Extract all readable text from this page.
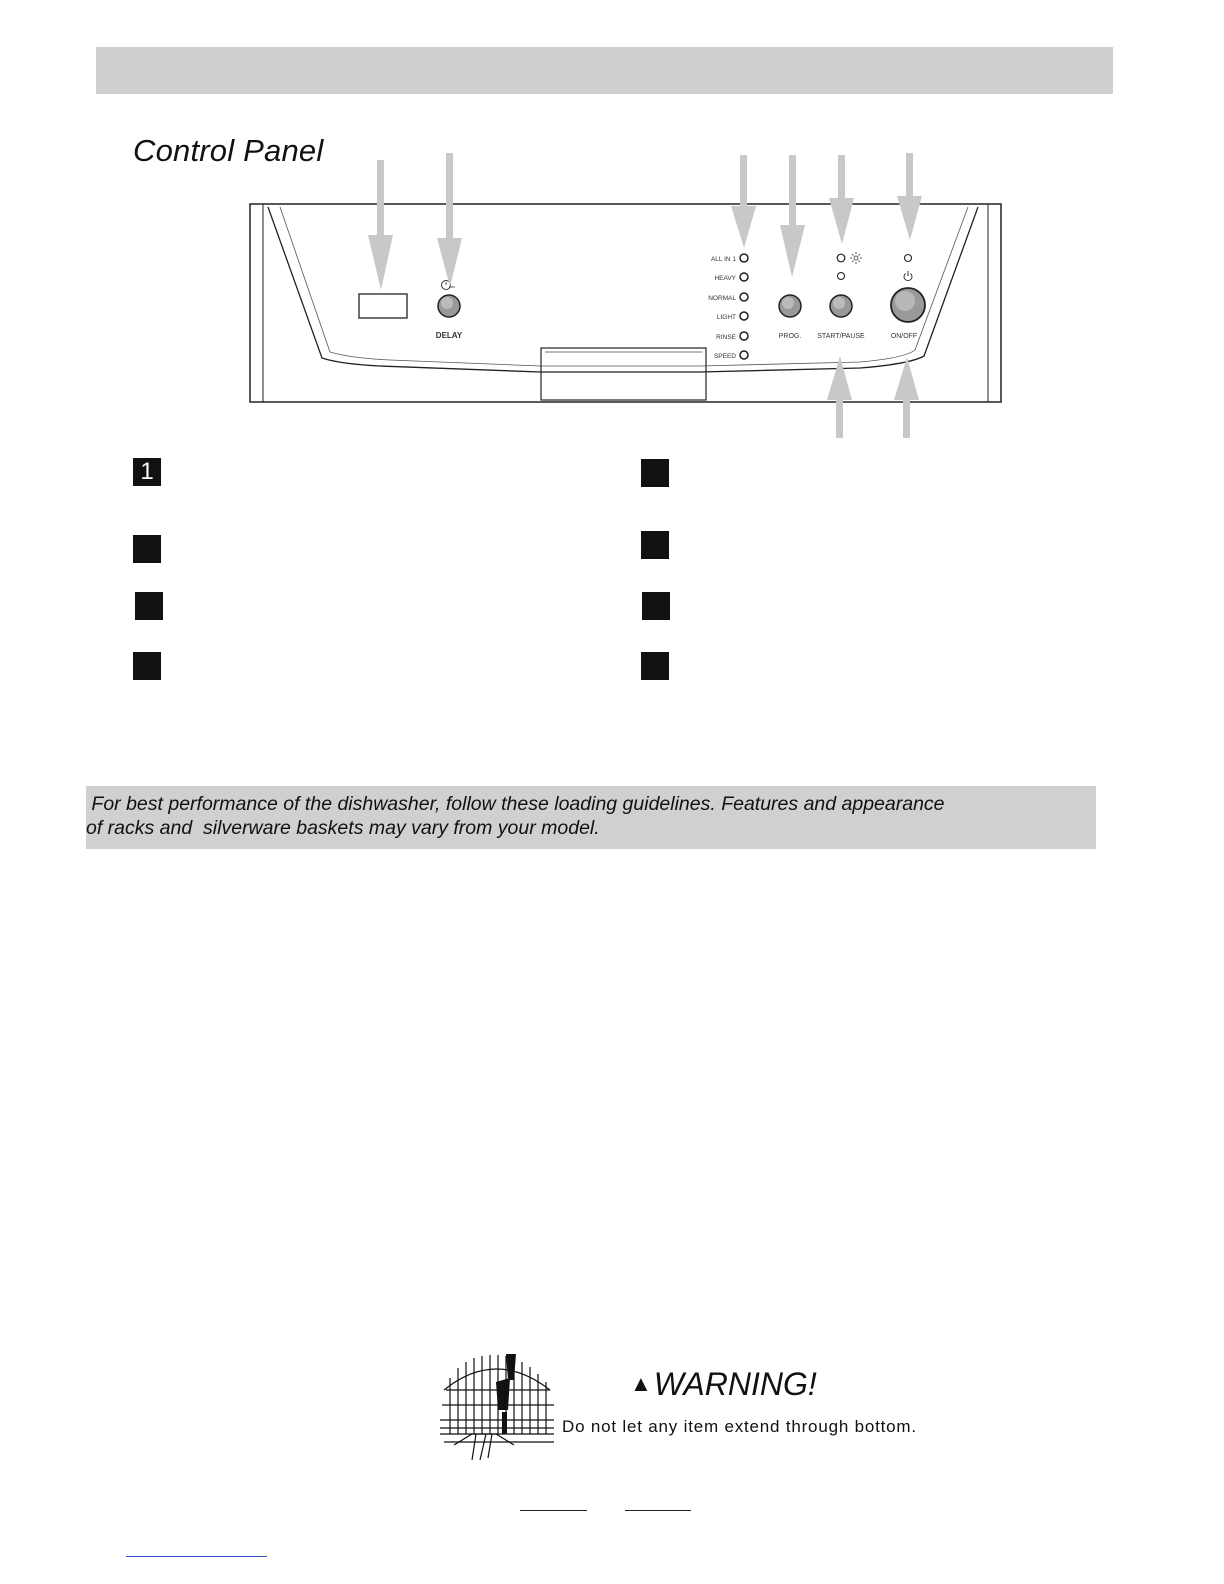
Control Panel
DELAY
ALL IN 1
HEAVY
NORMAL
LIGHT
RINSE
SPEED
PROG. START/PAUSE	ON/OFF
1
For best performance of the dishwasher, follow these loading guidelines. Features and appearance
of racks and  silverware baskets may vary from your model.
▲WARNING!
Do not let any item extend through bottom.
